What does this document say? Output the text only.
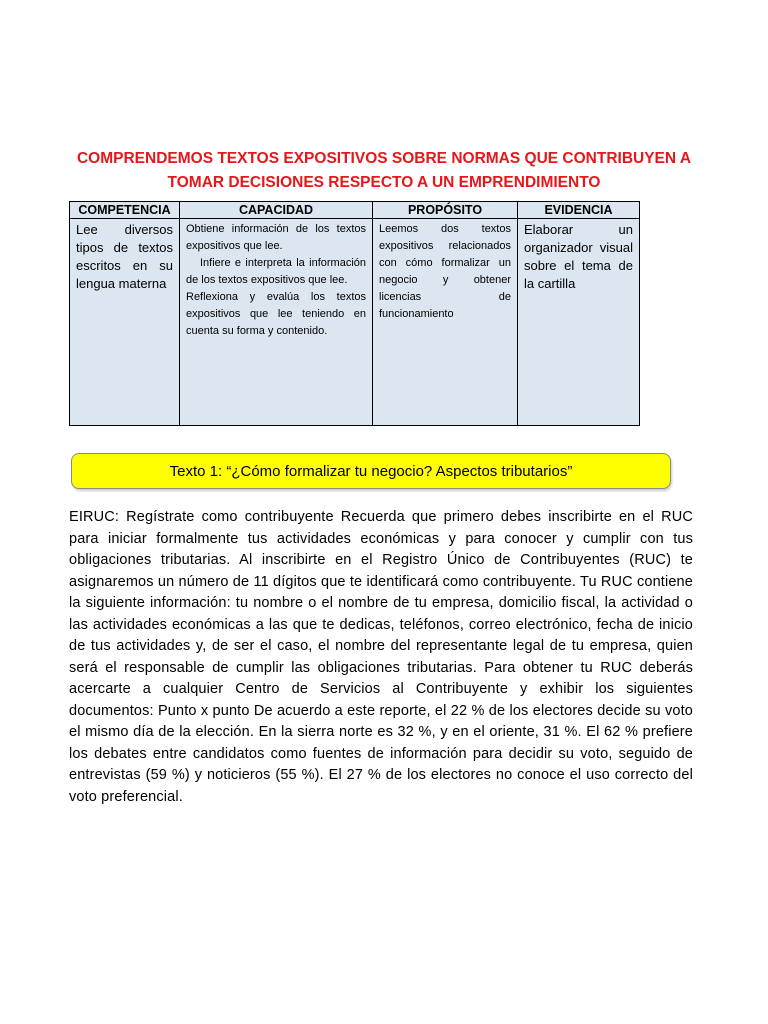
COMPRENDEMOS TEXTOS EXPOSITIVOS SOBRE NORMAS QUE CONTRIBUYEN A
TOMAR DECISIONES RESPECTO A UN EMPRENDIMIENTO
COMPETENCIA	CAPACIDAD	PROPÓSITO	EVIDENCIA
Lee diversos tipos de textos escritos en su lengua materna	Obtiene información de los textos expositivos que lee.
Infiere e interpreta la información de los textos expositivos que lee.
Reflexiona y evalúa los textos expositivos que lee teniendo en cuenta su forma y contenido.	Leemos dos textos expositivos relacionados con cómo formalizar un negocio y obtener licencias de funcionamiento	Elaborar un organizador visual sobre el tema de la cartilla
Texto 1: “¿Cómo formalizar tu negocio? Aspectos tributarios”
EIRUC: Regístrate como contribuyente Recuerda que primero debes inscribirte en el RUC para iniciar formalmente tus actividades económicas y para conocer y cumplir con tus obligaciones tributarias. Al inscribirte en el Registro Único de Contribuyentes (RUC) te asignaremos un número de 11 dígitos que te identificará como contribuyente. Tu RUC contiene la siguiente información: tu nombre o el nombre de tu empresa, domicilio fiscal, la actividad o las actividades económicas a las que te dedicas, teléfonos, correo electrónico, fecha de inicio de tus actividades y, de ser el caso, el nombre del representante legal de tu empresa, quien será el responsable de cumplir las obligaciones tributarias. Para obtener tu RUC deberás acercarte a cualquier Centro de Servicios al Contribuyente y exhibir los siguientes documentos: Punto x punto De acuerdo a este reporte, el 22 % de los electores decide su voto el mismo día de la elección. En la sierra norte es 32 %, y en el oriente, 31 %. El 62 % prefiere los debates entre candidatos como fuentes de información para decidir su voto, seguido de entrevistas (59 %) y noticieros (55 %). El 27 % de los electores no conoce el uso correcto del voto preferencial.
